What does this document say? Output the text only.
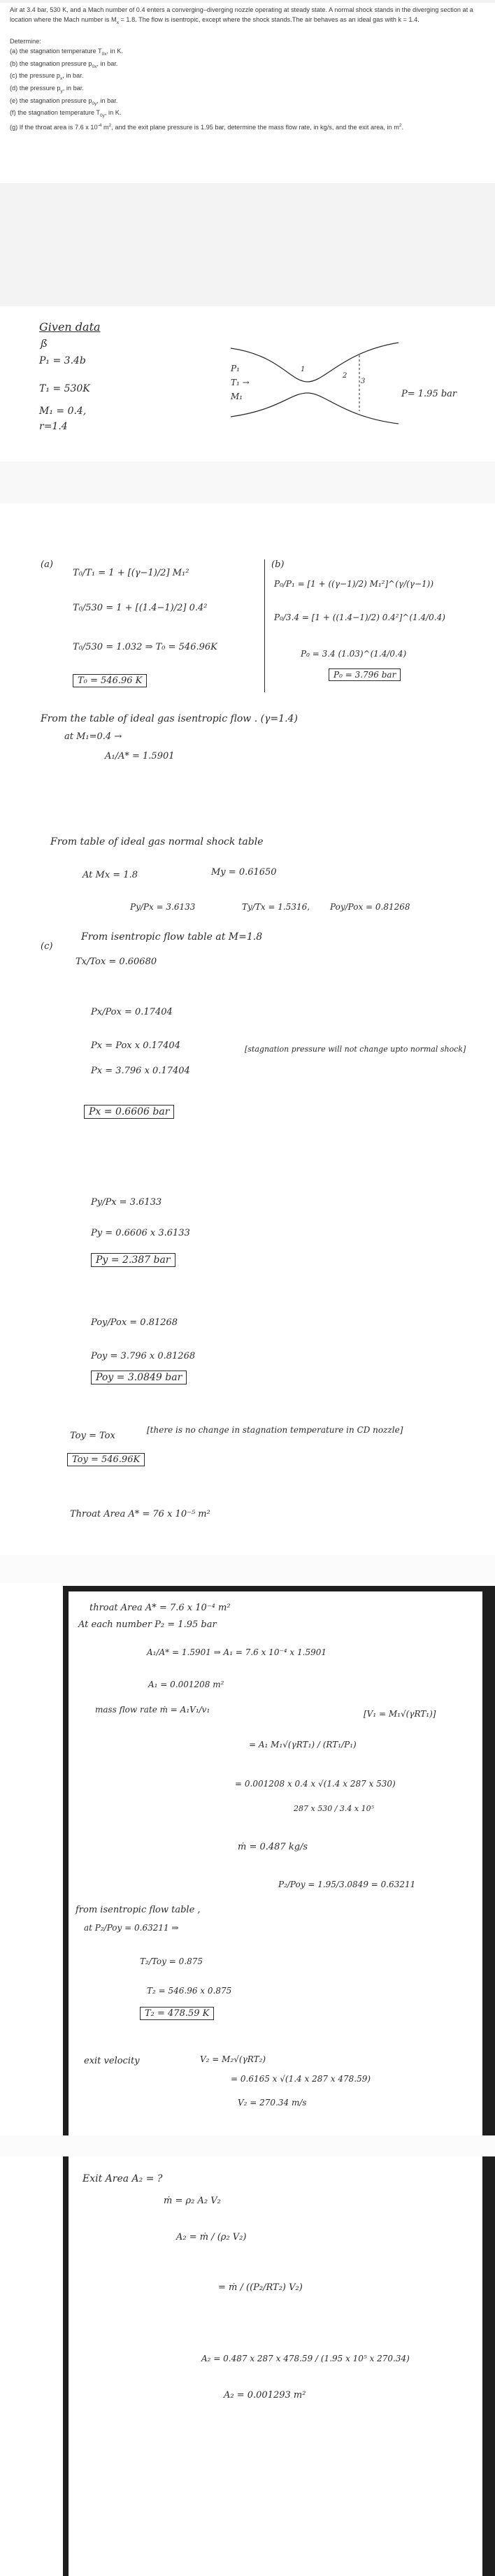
Air at 3.4 bar, 530 K, and a Mach number of 0.4 enters a converging–diverging nozzle operating at steady state. A normal shock stands in the diverging section at a location where the Mach number is $M_x = 1.8$. The flow is isentropic, except where the shock stands.The air behaves as an ideal gas with k = 1.4.

Determine:

(a) the stagnation temperature $T_{0x}$, in K.

(b) the stagnation pressure $p_{0x}$, in bar.

(c) the pressure $p_x$, in bar.

(d) the pressure $p_y$, in bar.

(e) the stagnation pressure $p_{0y}$, in bar.

(f) the stagnation temperature $T_{0y}$, in K.

(g) If the throat area is 7.6 x $10^{-4}$ $m^2$, and the exit plane pressure is 1.95 bar, determine the mass flow rate, in kg/s, and the exit area, in $m^2$.

Given data
ß
P₁ = 3.4b
T₁ = 530K
M₁ = 0.4,
r=1.4
P₁
T₁ →
M₁
1
2
3
P= 1.95 bar
(a)
T₀/T₁ = 1 + [(γ−1)/2] M₁²
T₀/530 = 1 + [(1.4−1)/2] 0.4²
T₀/530 = 1.032 ⇒ T₀ = 546.96K
T₀ = 546.96 K
(b)
P₀/P₁ = [1 + ((γ−1)/2) M₁²]^(γ/(γ−1))
P₀/3.4 = [1 + ((1.4−1)/2) 0.4²]^(1.4/0.4)
P₀ = 3.4 (1.03)^(1.4/0.4)
P₀ = 3.796 bar
From the table of ideal gas isentropic flow . (γ=1.4)
at M₁=0.4 →
A₁/A* = 1.5901
From table of ideal gas normal shock table
At Mx = 1.8	My = 0.61650
Py/Px = 3.6133	Ty/Tx = 1.5316, Poy/Pox = 0.81268
(c)
From isentropic flow table at M=1.8
Tx/Tox = 0.60680
Px/Pox = 0.17404
Px = Pox x 0.17404
Px = 3.796 x 0.17404
[stagnation pressure will not change upto normal shock]
Px = 0.6606 bar
Py/Px = 3.6133
Py = 0.6606 x 3.6133
Py = 2.387 bar
Poy/Pox = 0.81268
Poy = 3.796 x 0.81268
Poy = 3.0849 bar
Toy = Tox
[there is no change in stagnation temperature in CD nozzle]
Toy = 546.96K
Throat Area A* = 76 x 10⁻⁵ m²
throat Area A* = 7.6 x 10⁻⁴ m²
At each number P₂ = 1.95 bar
A₁/A* = 1.5901 ⇒ A₁ = 7.6 x 10⁻⁴ x 1.5901
A₁ = 0.001208 m²
mass flow rate ṁ = A₁V₁/v₁	[V₁ = M₁√(γRT₁)]
= A₁ M₁√(γRT₁) / (RT₁/P₁)
= 0.001208 x 0.4 x √(1.4 x 287 x 530)
287 x 530 / 3.4 x 10⁵
ṁ = 0.487 kg/s
P₂/Poy = 1.95/3.0849 = 0.63211
from isentropic flow table ,
at P₂/Poy = 0.63211 ⇒
T₂/Toy = 0.875
T₂ = 546.96 x 0.875
T₂ = 478.59 K
exit velocity	V₂ = M₂√(γRT₂)
= 0.6165 x √(1.4 x 287 x 478.59)
V₂ = 270.34 m/s
Exit Area A₂ = ?
ṁ = ρ₂ A₂ V₂
A₂ = ṁ / (ρ₂ V₂)
= ṁ / ((P₂/RT₂) V₂)
A₂ = 0.487 x 287 x 478.59 / (1.95 x 10⁵ x 270.34)
A₂ = 0.001293 m²
